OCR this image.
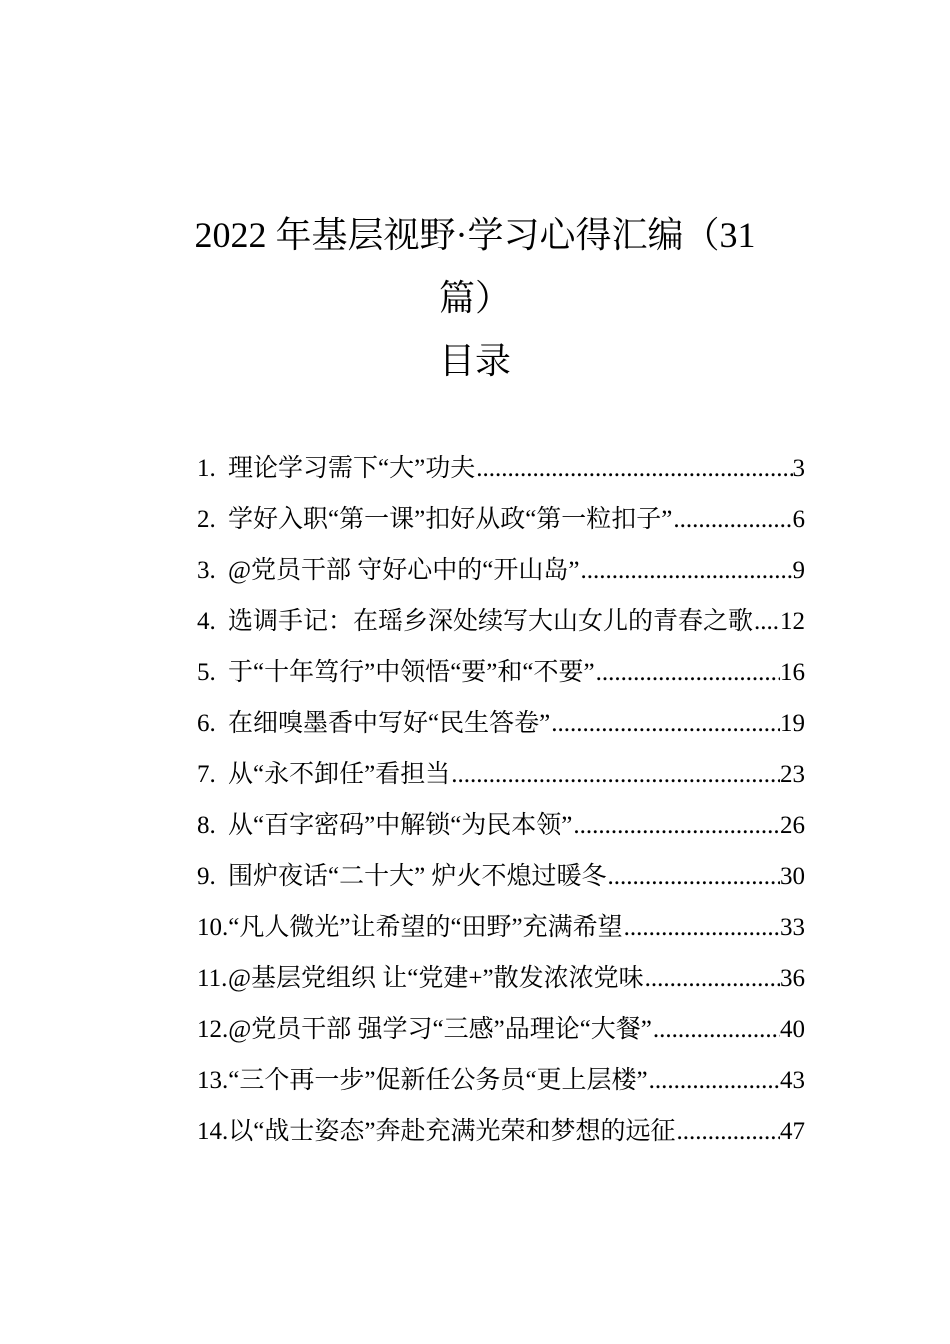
2022 年基层视野·学习心得汇编（31
篇）
目录
1. 理论学习需下“大”功夫 .....	3
2. 学好入职“第一课”扣好从政“第一粒扣子” .....	6
3. @党员干部 守好心中的“开山岛” .....	9
4. 选调手记：在瑶乡深处续写大山女儿的青春之歌 ..... 12
5. 于“十年笃行”中领悟“要”和“不要” .....	16
6. 在细嗅墨香中写好“民生答卷” .....	19
7. 从“永不卸任”看担当 .....	23
8. 从“百字密码”中解锁“为民本领” .....	26
9. 围炉夜话“二十大” 炉火不熄过暖冬 .....	30
10. “凡人微光”让希望的“田野”充满希望 .....	33
11. @基层党组织 让“党建+”散发浓浓党味 .....	36
12. @党员干部 强学习“三感”品理论“大餐” .....	40
13. “三个再一步”促新任公务员“更上层楼” .....	43
14. 以“战士姿态”奔赴充满光荣和梦想的远征 .....	47
